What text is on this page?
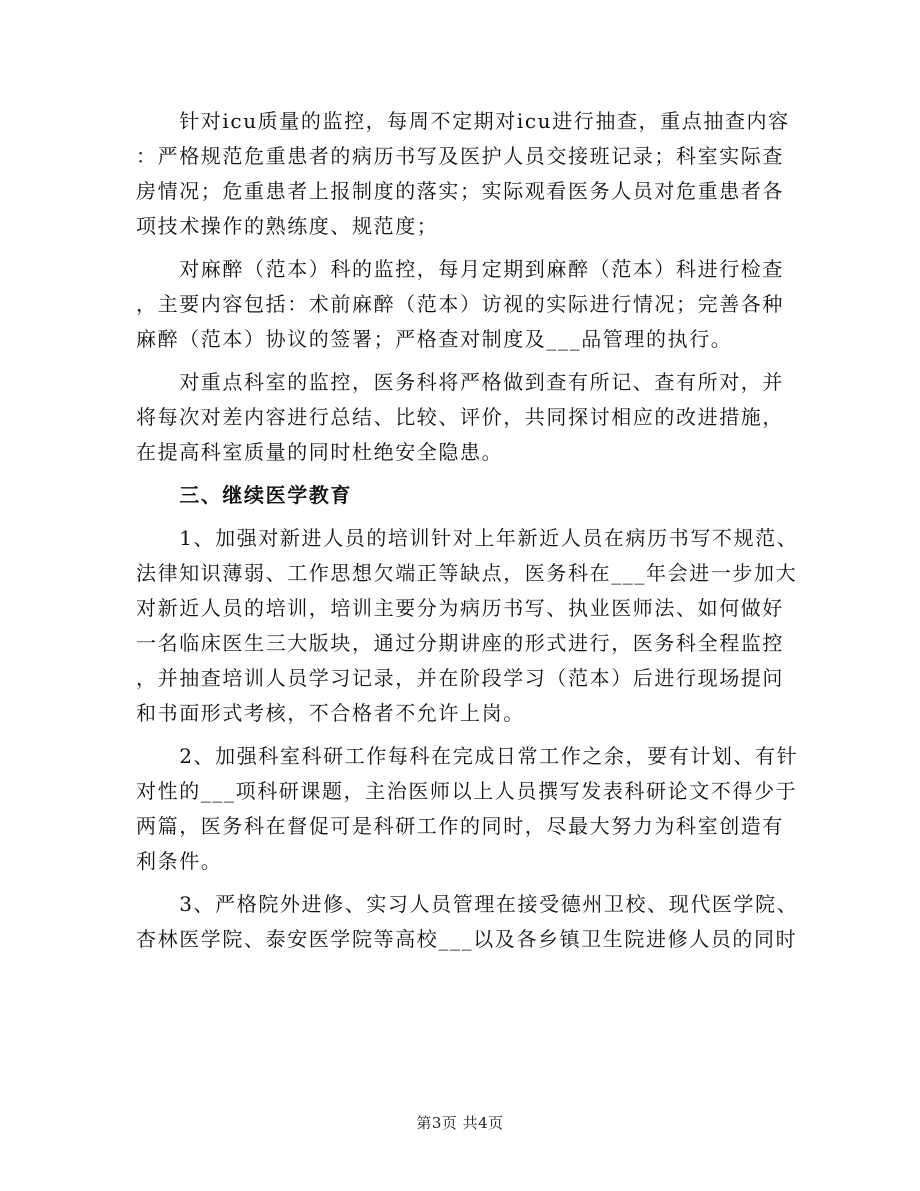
　　针对icu质量的监控，每周不定期对icu进行抽查，重点抽查内容
：严格规范危重患者的病历书写及医护人员交接班记录；科室实际查
房情况；危重患者上报制度的落实；实际观看医务人员对危重患者各
项技术操作的熟练度、规范度；
　　对麻醉（范本）科的监控，每月定期到麻醉（范本）科进行检查
，主要内容包括：术前麻醉（范本）访视的实际进行情况；完善各种
麻醉（范本）协议的签署；严格查对制度及___品管理的执行。
　　对重点科室的监控，医务科将严格做到查有所记、查有所对，并
将每次对差内容进行总结、比较、评价，共同探讨相应的改进措施，
在提高科室质量的同时杜绝安全隐患。
　　三、继续医学教育
　　1、加强对新进人员的培训针对上年新近人员在病历书写不规范、
法律知识薄弱、工作思想欠端正等缺点，医务科在___年会进一步加大
对新近人员的培训，培训主要分为病历书写、执业医师法、如何做好
一名临床医生三大版块，通过分期讲座的形式进行，医务科全程监控
，并抽查培训人员学习记录，并在阶段学习（范本）后进行现场提问
和书面形式考核，不合格者不允许上岗。
　　2、加强科室科研工作每科在完成日常工作之余，要有计划、有针
对性的___项科研课题，主治医师以上人员撰写发表科研论文不得少于
两篇，医务科在督促可是科研工作的同时，尽最大努力为科室创造有
利条件。
　　3、严格院外进修、实习人员管理在接受德州卫校、现代医学院、
杏林医学院、泰安医学院等高校___以及各乡镇卫生院进修人员的同时
第3页 共4页
